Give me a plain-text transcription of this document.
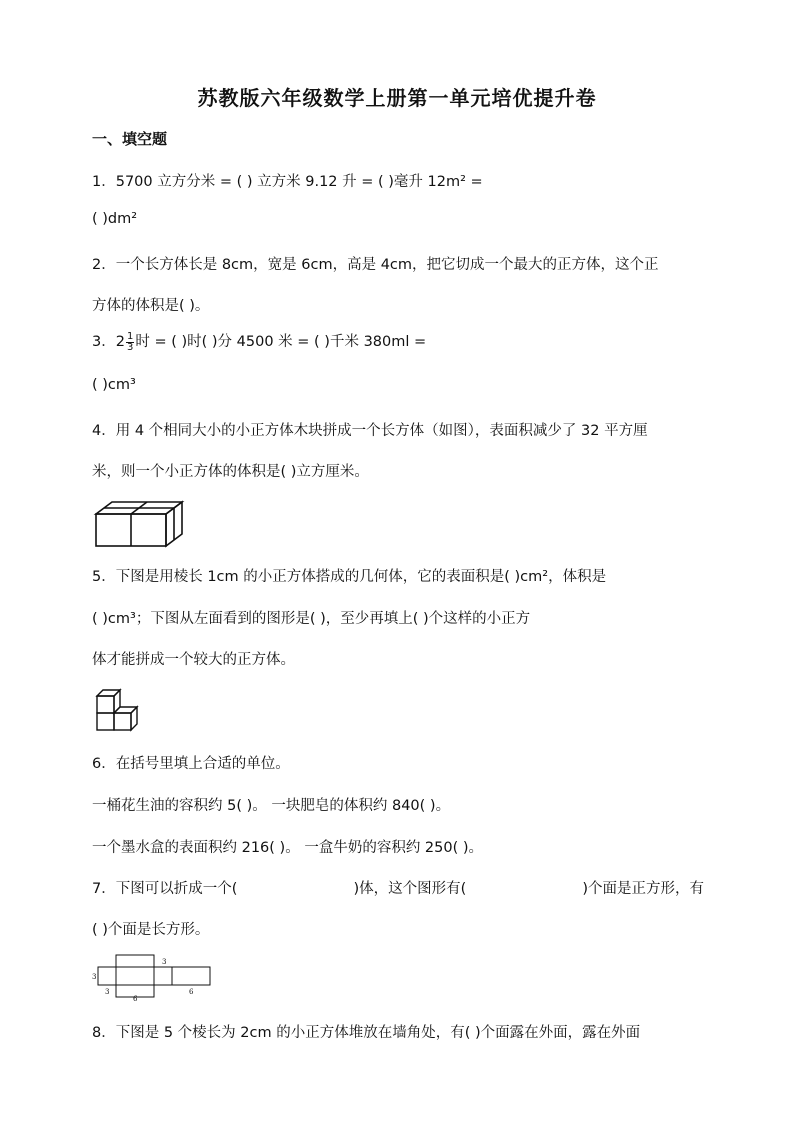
苏教版六年级数学上册第一单元培优提升卷
一、填空题
1．5700 立方分米 = ( ) 立方米 9.12 升 = ( )毫升 12m² =
( )dm²
2．一个长方体长是 8cm，宽是 6cm，高是 4cm，把它切成一个最大的正方体，这个正
方体的体积是( )。
3．$2 \frac{1}{3}$ 时 = ( )时( )分 4500 米 = ( )千米 380ml =
( )cm³
4．用 4 个相同大小的小正方体木块拼成一个长方体（如图），表面积减少了 32 平方厘
米，则一个小正方体的体积是( )立方厘米。
5．下图是用棱长 1cm 的小正方体搭成的几何体，它的表面积是( )cm²，体积是
( )cm³；下图从左面看到的图形是( )，至少再填上( )个这样的小正方
体才能拼成一个较大的正方体。
6．在括号里填上合适的单位。
一桶花生油的容积约 5( )。 一块肥皂的体积约 840( )。
一个墨水盒的表面积约 216( )。 一盒牛奶的容积约 250( )。
7．下图可以折成一个(	)体，这个图形有(	)个面是正方形，有
( )个面是长方形。
3
3
3
6
6
8．下图是 5 个棱长为 2cm 的小正方体堆放在墙角处，有( )个面露在外面，露在外面
